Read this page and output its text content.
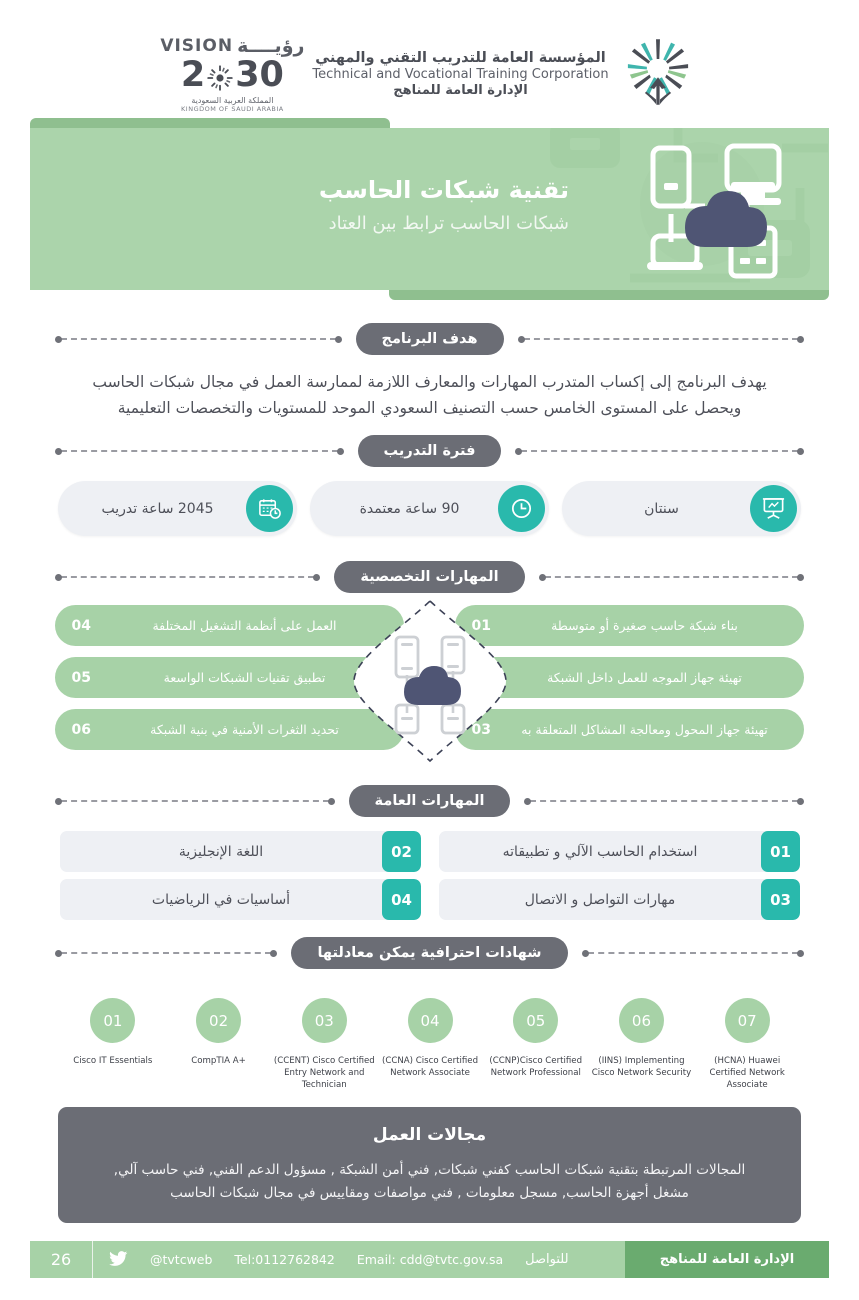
VISION رؤيــــة
2 30
المملكة العربية السعودية
KINGDOM OF SAUDI ARABIA
المؤسسة العامة للتدريب التقني والمهني
Technical and Vocational Training Corporation
الإدارة العامة للمناهج
تقنية شبكات الحاسب
شبكات الحاسب ترابط بين العتاد
هدف البرنامج
يهدف البرنامج إلى إكساب المتدرب المهارات والمعارف اللازمة لممارسة العمل في مجال شبكات الحاسب
ويحصل على المستوى الخامس حسب التصنيف السعودي الموحد للمستويات والتخصصات التعليمية
فترة التدريب
سنتان
90 ساعة معتمدة
2045 ساعة تدريب
المهارات التخصصية
بناء شبكة حاسب صغيرة أو متوسطة
01
تهيئة جهاز الموجه للعمل داخل الشبكة
تهيئة جهاز المحول ومعالجة المشاكل المتعلقة به
03
العمل على أنظمة التشغيل المختلفة
04
تطبيق تقنيات الشبكات الواسعة
05
تحديد الثغرات الأمنية في بنية الشبكة
06
المهارات العامة
01
استخدام الحاسب الآلي و تطبيقاته
02
اللغة الإنجليزية
03
مهارات التواصل و الاتصال
04
أساسيات في الرياضيات
شهادات احترافية يمكن معادلتها
01
Cisco IT Essentials
02
CompTIA A+
03
(CCENT) Cisco Certified Entry Network and Technician
04
(CCNA) Cisco Certified Network Associate
05
(CCNP)Cisco Certified Network Professional
06
(IINS) Implementing Cisco Network Security
07
(HCNA) Huawei Certified Network Associate
مجالات العمل
المجالات المرتبطة بتقنية شبكات الحاسب كفني شبكات, فني أمن الشبكة , مسؤول الدعم الفني, فني حاسب آلي,
مشغل أجهزة الحاسب, مسجل معلومات , فني مواصفات ومقاييس في مجال شبكات الحاسب
26	@tvtcweb Tel:0112762842 Email: cdd@tvtc.gov.sa للتواصل	الإدارة العامة للمناهج
